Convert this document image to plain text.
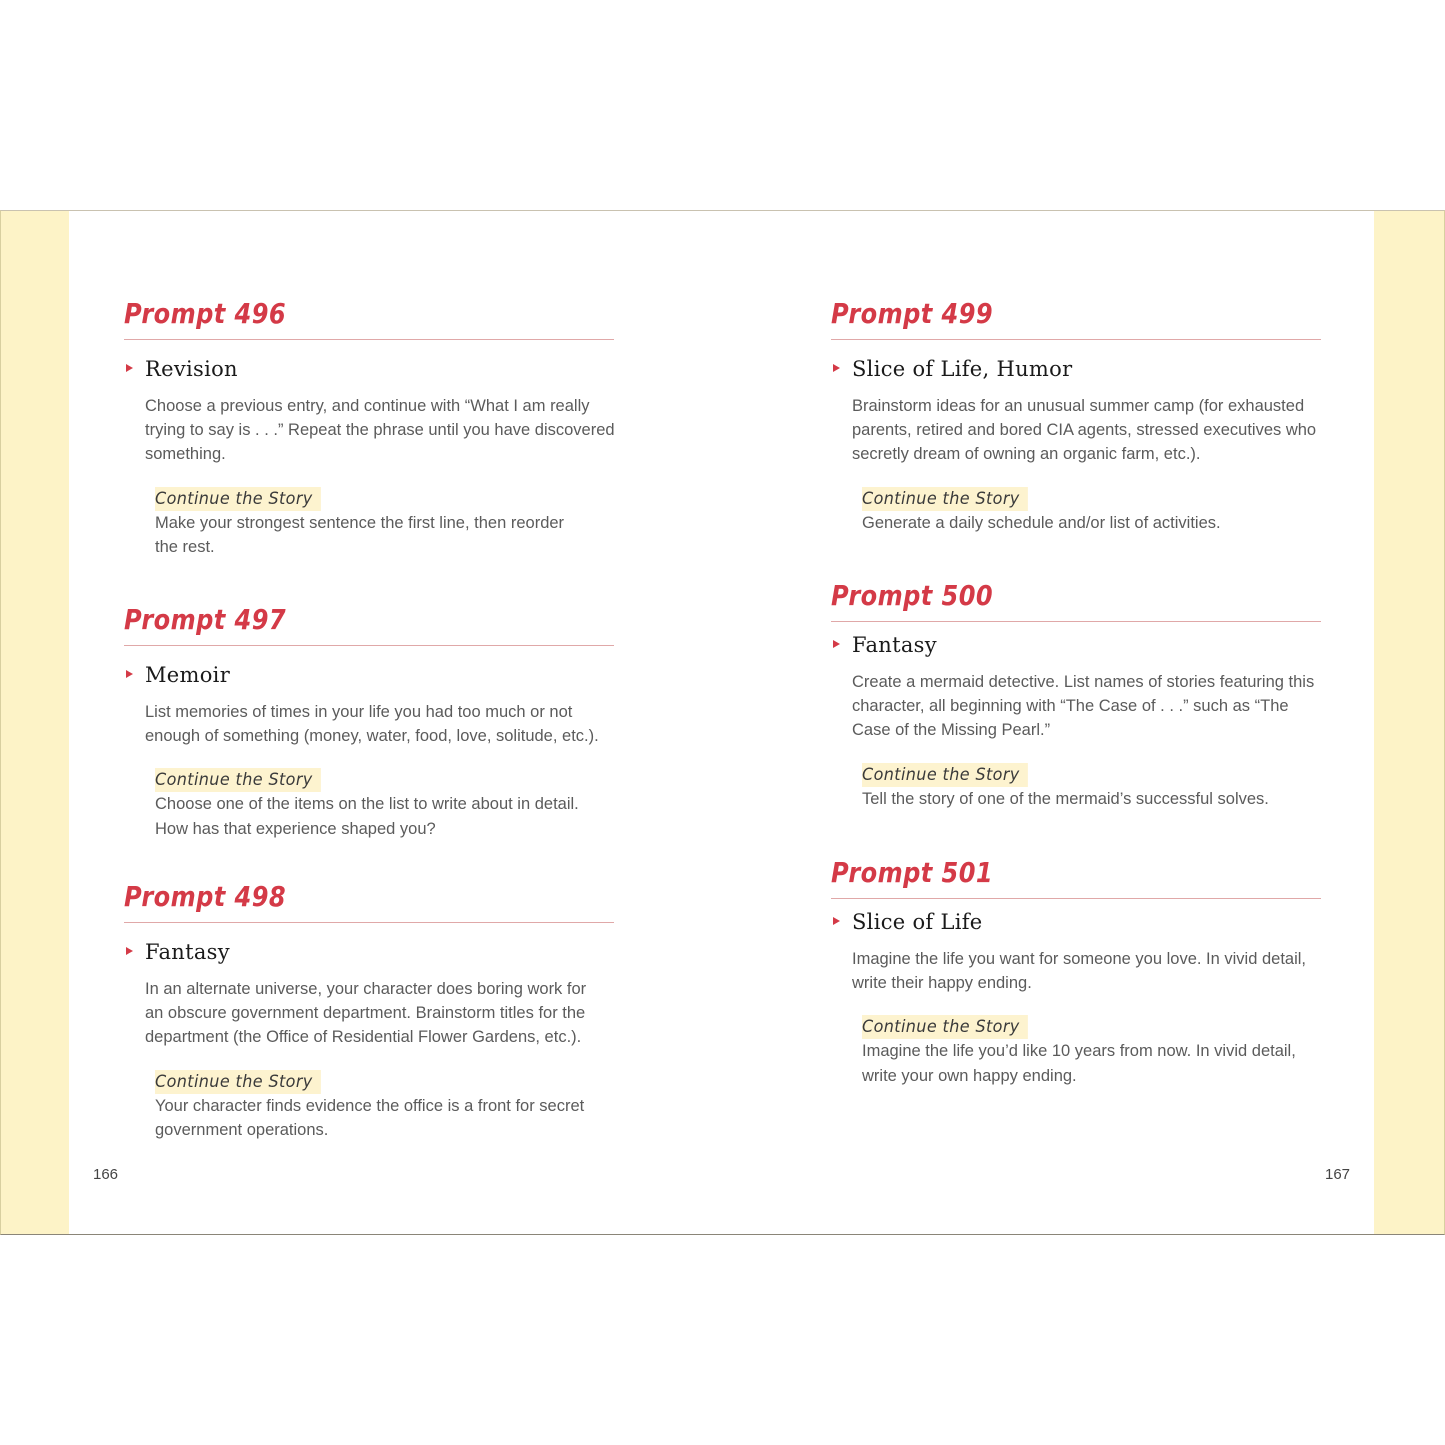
Prompt 496
Revision
Choose a previous entry, and continue with “What I am really trying to say is . . .” Repeat the phrase until you have discovered something.
Continue the Story
Make your strongest sentence the first line, then reorder the rest.
Prompt 497
Memoir
List memories of times in your life you had too much or not enough of something (money, water, food, love, solitude, etc.).
Continue the Story
Choose one of the items on the list to write about in detail. How has that experience shaped you?
Prompt 498
Fantasy
In an alternate universe, your character does boring work for an obscure government department. Brainstorm titles for the department (the Office of Residential Flower Gardens, etc.).
Continue the Story
Your character finds evidence the office is a front for secret government operations.
Prompt 499
Slice of Life, Humor
Brainstorm ideas for an unusual summer camp (for exhausted parents, retired and bored CIA agents, stressed executives who secretly dream of owning an organic farm, etc.).
Continue the Story
Generate a daily schedule and/or list of activities.
Prompt 500
Fantasy
Create a mermaid detective. List names of stories featuring this character, all beginning with “The Case of . . .” such as “The Case of the Missing Pearl.”
Continue the Story
Tell the story of one of the mermaid’s successful solves.
Prompt 501
Slice of Life
Imagine the life you want for someone you love. In vivid detail, write their happy ending.
Continue the Story
Imagine the life you’d like 10 years from now. In vivid detail, write your own happy ending.
166	167
